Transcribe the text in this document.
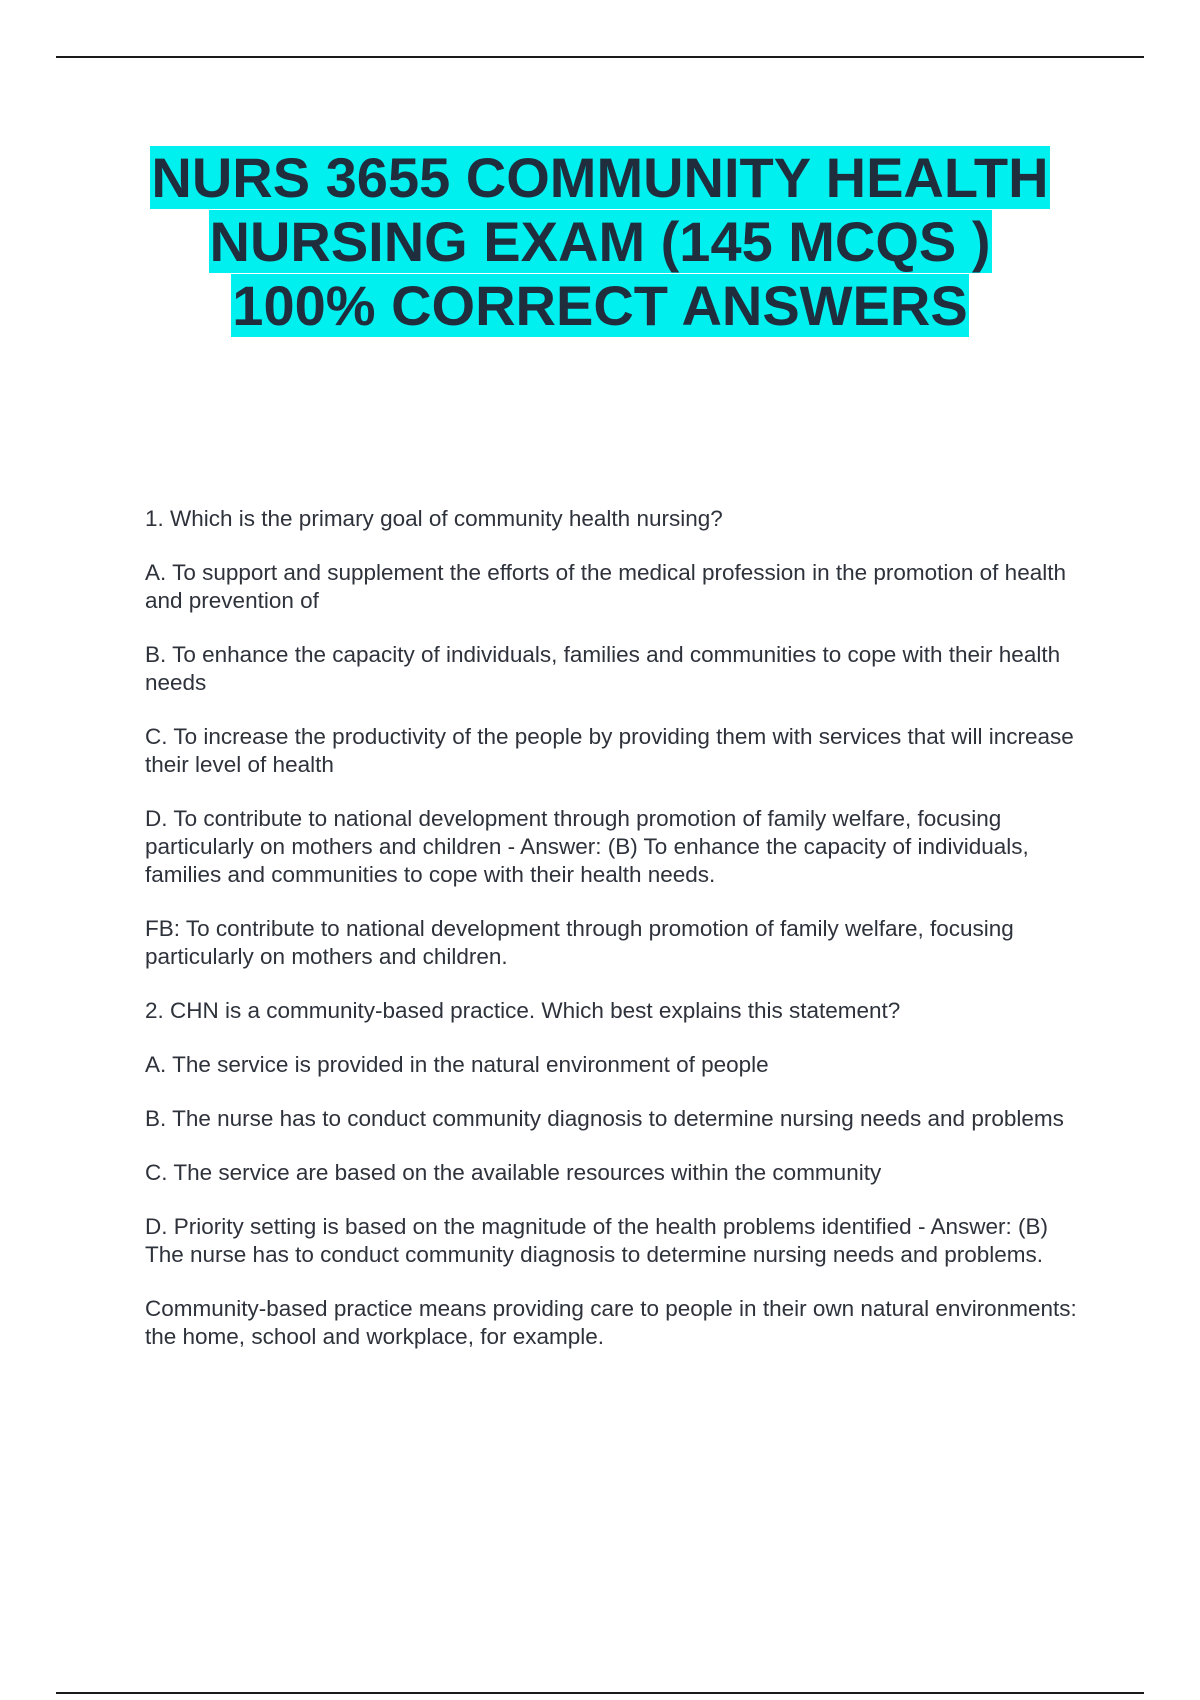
NURS 3655 COMMUNITY HEALTH
NURSING EXAM (145 MCQS )
100% CORRECT ANSWERS

1. Which is the primary goal of community health nursing?

A. To support and supplement the efforts of the medical profession in the promotion of health and prevention of

B. To enhance the capacity of individuals, families and communities to cope with their health needs

C. To increase the productivity of the people by providing them with services that will increase their level of health

D. To contribute to national development through promotion of family welfare, focusing particularly on mothers and children - Answer: (B) To enhance the capacity of individuals, families and communities to cope with their health needs.

FB: To contribute to national development through promotion of family welfare, focusing particularly on mothers and children.

2. CHN is a community-based practice. Which best explains this statement?

A. The service is provided in the natural environment of people

B. The nurse has to conduct community diagnosis to determine nursing needs and problems

C. The service are based on the available resources within the community

D. Priority setting is based on the magnitude of the health problems identified - Answer: (B) The nurse has to conduct community diagnosis to determine nursing needs and problems.

Community-based practice means providing care to people in their own natural environments: the home, school and workplace, for example.
